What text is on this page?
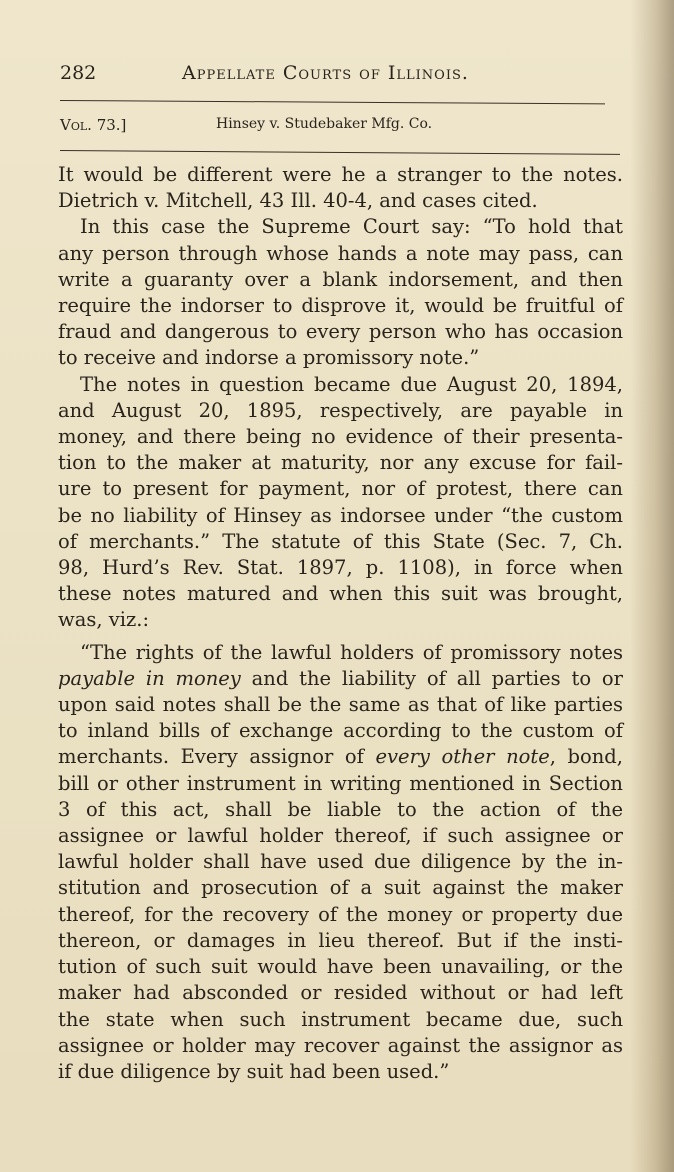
282	Appellate Courts of Illinois.
Vol. 73.]	Hinsey v. Studebaker Mfg. Co.
It would be different were he a stranger to the notes.
Dietrich v. Mitchell, 43 Ill. 40-4, and cases cited.
In this case the Supreme Court say: “To hold that
any person through whose hands a note may pass, can
write a guaranty over a blank indorsement, and then
require the indorser to disprove it, would be fruitful of
fraud and dangerous to every person who has occasion
to receive and indorse a promissory note.”
The notes in question became due August 20, 1894,
and August 20, 1895, respectively, are payable in
money, and there being no evidence of their presenta-
tion to the maker at maturity, nor any excuse for fail-
ure to present for payment, nor of protest, there can
be no liability of Hinsey as indorsee under “the custom
of merchants.” The statute of this State (Sec. 7, Ch.
98, Hurd’s Rev. Stat. 1897, p. 1108), in force when
these notes matured and when this suit was brought,
was, viz.:
“The rights of the lawful holders of promissory notes
payable in money and the liability of all parties to or
upon said notes shall be the same as that of like parties
to inland bills of exchange according to the custom of
merchants. Every assignor of every other note, bond,
bill or other instrument in writing mentioned in Section
3 of this act, shall be liable to the action of the
assignee or lawful holder thereof, if such assignee or
lawful holder shall have used due diligence by the in-
stitution and prosecution of a suit against the maker
thereof, for the recovery of the money or property due
thereon, or damages in lieu thereof. But if the insti-
tution of such suit would have been unavailing, or the
maker had absconded or resided without or had left
the state when such instrument became due, such
assignee or holder may recover against the assignor as
if due diligence by suit had been used.”
